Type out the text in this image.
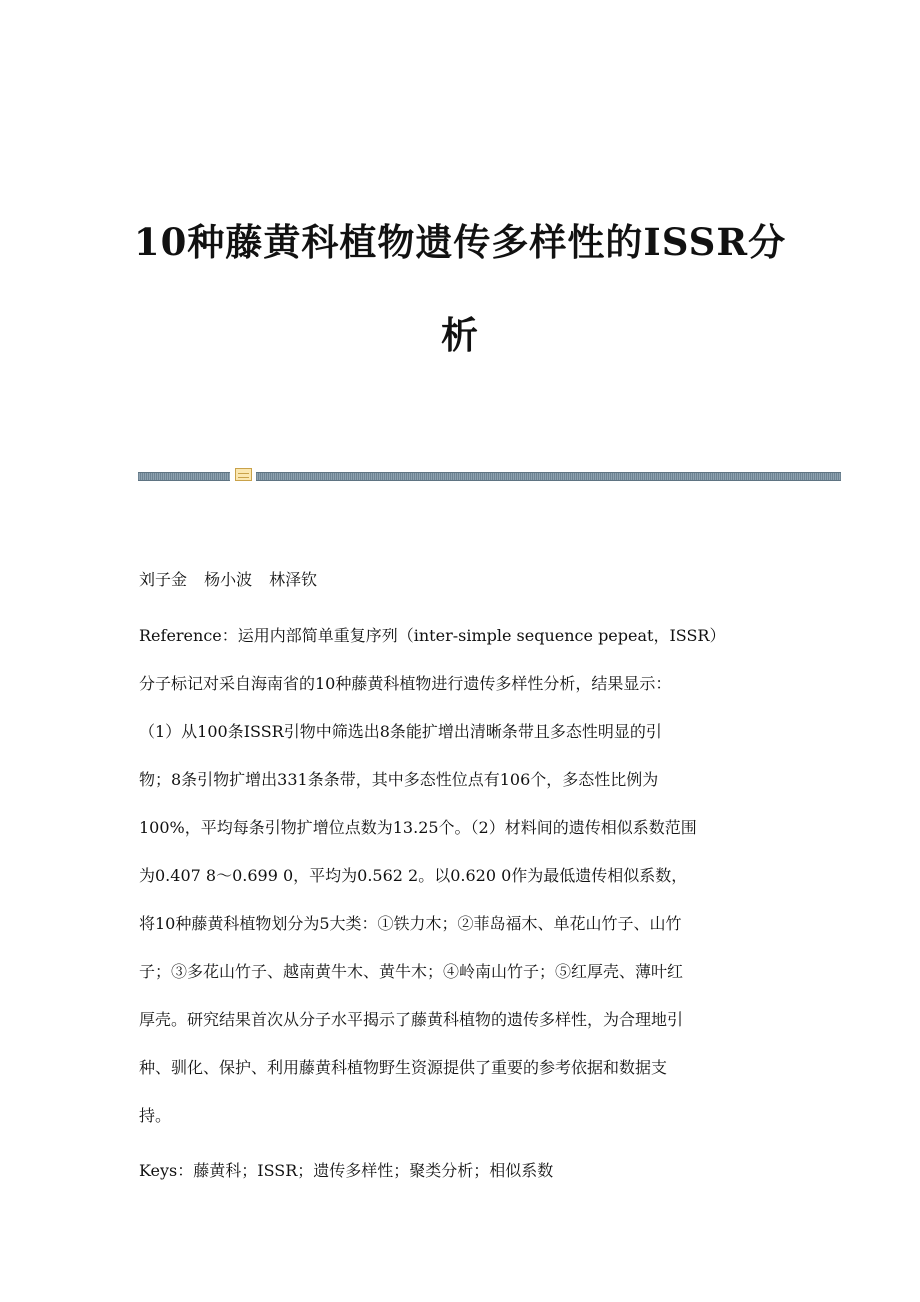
10种藤黄科植物遗传多样性的ISSR分
析

刘子金 杨小波 林泽钦

Reference：运用内部简单重复序列（inter-simple sequence pepeat，ISSR）

分子标记对采自海南省的10种藤黄科植物进行遗传多样性分析，结果显示：

（1）从100条ISSR引物中筛选出8条能扩增出清晰条带且多态性明显的引

物；8条引物扩增出331条条带，其中多态性位点有106个，多态性比例为

100%，平均每条引物扩增位点数为13.25个。（2）材料间的遗传相似系数范围

为0.407 8～0.699 0，平均为0.562 2。以0.620 0作为最低遗传相似系数，

将10种藤黄科植物划分为5大类：①铁力木；②菲岛福木、单花山竹子、山竹

子；③多花山竹子、越南黄牛木、黄牛木；④岭南山竹子；⑤红厚壳、薄叶红

厚壳。研究结果首次从分子水平揭示了藤黄科植物的遗传多样性，为合理地引

种、驯化、保护、利用藤黄科植物野生资源提供了重要的参考依据和数据支

持。

Keys：藤黄科；ISSR；遗传多样性；聚类分析；相似系数
